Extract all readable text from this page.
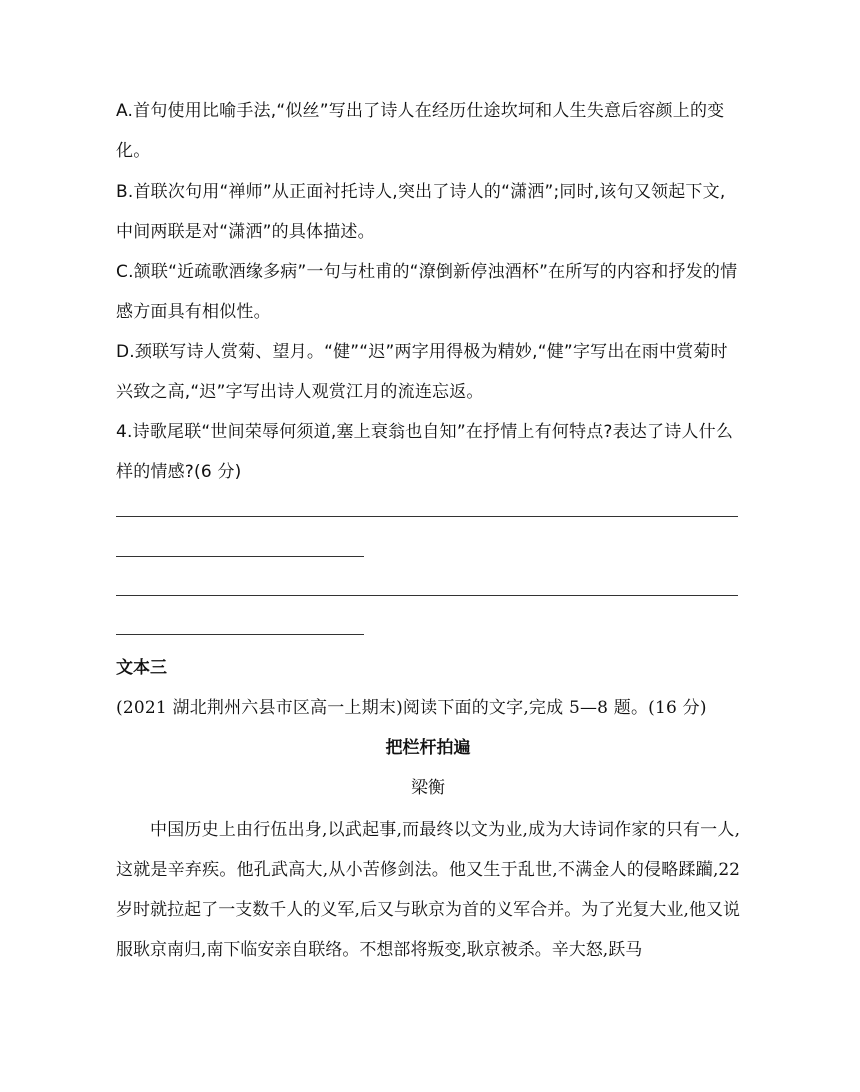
A.首句使用比喻手法,“似丝”写出了诗人在经历仕途坎坷和人生失意后容颜上的变化。

B.首联次句用“禅师”从正面衬托诗人,突出了诗人的“潇洒”;同时,该句又领起下文,中间两联是对“潇洒”的具体描述。

C.颔联“近疏歌酒缘多病”一句与杜甫的“潦倒新停浊酒杯”在所写的内容和抒发的情感方面具有相似性。

D.颈联写诗人赏菊、望月。“健”“迟”两字用得极为精妙,“健”字写出在雨中赏菊时兴致之高,“迟”字写出诗人观赏江月的流连忘返。

4.诗歌尾联“世间荣辱何须道,塞上衰翁也自知”在抒情上有何特点?表达了诗人什么样的情感?(6 分)

文本三

(2021 湖北荆州六县市区高一上期末)阅读下面的文字,完成 5—8 题。(16 分)

把栏杆拍遍

梁衡

中国历史上由行伍出身,以武起事,而最终以文为业,成为大诗词作家的只有一人,这就是辛弃疾。他孔武高大,从小苦修剑法。他又生于乱世,不满金人的侵略蹂躏,22 岁时就拉起了一支数千人的义军,后又与耿京为首的义军合并。为了光复大业,他又说服耿京南归,南下临安亲自联络。不想部将叛变,耿京被杀。辛大怒,跃马
